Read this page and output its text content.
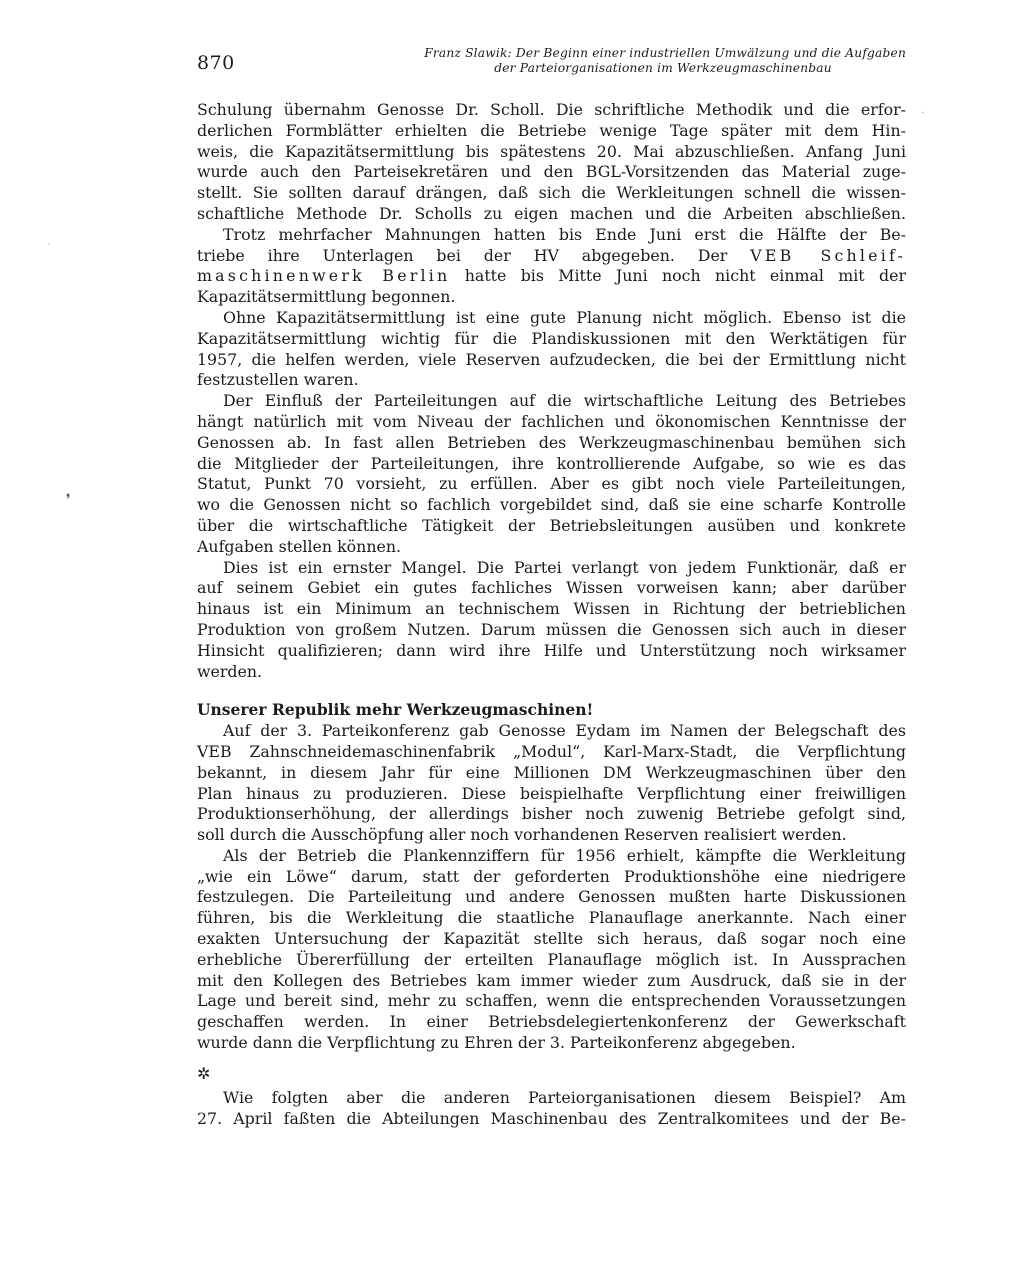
870	Franz Slawik: Der Beginn einer industriellen Umwälzung und die Aufgaben
der Parteiorganisationen im Werkzeugmaschinenbau

Schulung übernahm Genosse Dr. Scholl. Die schriftliche Methodik und die erfor-

derlichen Formblätter erhielten die Betriebe wenige Tage später mit dem Hin-

weis, die Kapazitätsermittlung bis spätestens 20. Mai abzuschließen. Anfang Juni

wurde auch den Parteisekretären und den BGL-Vorsitzenden das Material zuge-

stellt. Sie sollten darauf drängen, daß sich die Werkleitungen schnell die wissen-

schaftliche Methode Dr. Scholls zu eigen machen und die Arbeiten abschließen.

Trotz mehrfacher Mahnungen hatten bis Ende Juni erst die Hälfte der Be-

triebe ihre Unterlagen bei der HV abgegeben. Der VEB Schleif-

maschinenwerk Berlin hatte bis Mitte Juni noch nicht einmal mit der

Kapazitätsermittlung begonnen.

Ohne Kapazitätsermittlung ist eine gute Planung nicht möglich. Ebenso ist die

Kapazitätsermittlung wichtig für die Plandiskussionen mit den Werktätigen für

1957, die helfen werden, viele Reserven aufzudecken, die bei der Ermittlung nicht

festzustellen waren.

Der Einfluß der Parteileitungen auf die wirtschaftliche Leitung des Betriebes

hängt natürlich mit vom Niveau der fachlichen und ökonomischen Kenntnisse der

Genossen ab. In fast allen Betrieben des Werkzeugmaschinenbau bemühen sich

die Mitglieder der Parteileitungen, ihre kontrollierende Aufgabe, so wie es das

Statut, Punkt 70 vorsieht, zu erfüllen. Aber es gibt noch viele Parteileitungen,

wo die Genossen nicht so fachlich vorgebildet sind, daß sie eine scharfe Kontrolle

über die wirtschaftliche Tätigkeit der Betriebsleitungen ausüben und konkrete

Aufgaben stellen können.

Dies ist ein ernster Mangel. Die Partei verlangt von jedem Funktionär, daß er

auf seinem Gebiet ein gutes fachliches Wissen vorweisen kann; aber darüber

hinaus ist ein Minimum an technischem Wissen in Richtung der betrieblichen

Produktion von großem Nutzen. Darum müssen die Genossen sich auch in dieser

Hinsicht qualifizieren; dann wird ihre Hilfe und Unterstützung noch wirksamer

werden.

Unserer Republik mehr Werkzeugmaschinen!

Auf der 3. Parteikonferenz gab Genosse Eydam im Namen der Belegschaft des

VEB Zahnschneidemaschinenfabrik „Modul“, Karl-Marx-Stadt, die Verpflichtung

bekannt, in diesem Jahr für eine Millionen DM Werkzeugmaschinen über den

Plan hinaus zu produzieren. Diese beispielhafte Verpflichtung einer freiwilligen

Produktionserhöhung, der allerdings bisher noch zuwenig Betriebe gefolgt sind,

soll durch die Ausschöpfung aller noch vorhandenen Reserven realisiert werden.

Als der Betrieb die Plankennziffern für 1956 erhielt, kämpfte die Werkleitung

„wie ein Löwe“ darum, statt der geforderten Produktionshöhe eine niedrigere

festzulegen. Die Parteileitung und andere Genossen mußten harte Diskussionen

führen, bis die Werkleitung die staatliche Planauflage anerkannte. Nach einer

exakten Untersuchung der Kapazität stellte sich heraus, daß sogar noch eine

erhebliche Übererfüllung der erteilten Planauflage möglich ist. In Aussprachen

mit den Kollegen des Betriebes kam immer wieder zum Ausdruck, daß sie in der

Lage und bereit sind, mehr zu schaffen, wenn die entsprechenden Voraussetzungen

geschaffen werden. In einer Betriebsdelegiertenkonferenz der Gewerkschaft

wurde dann die Verpflichtung zu Ehren der 3. Parteikonferenz abgegeben.

✲

Wie folgten aber die anderen Parteiorganisationen diesem Beispiel? Am

27. April faßten die Abteilungen Maschinenbau des Zentralkomitees und der Be-

❜
˛
·
